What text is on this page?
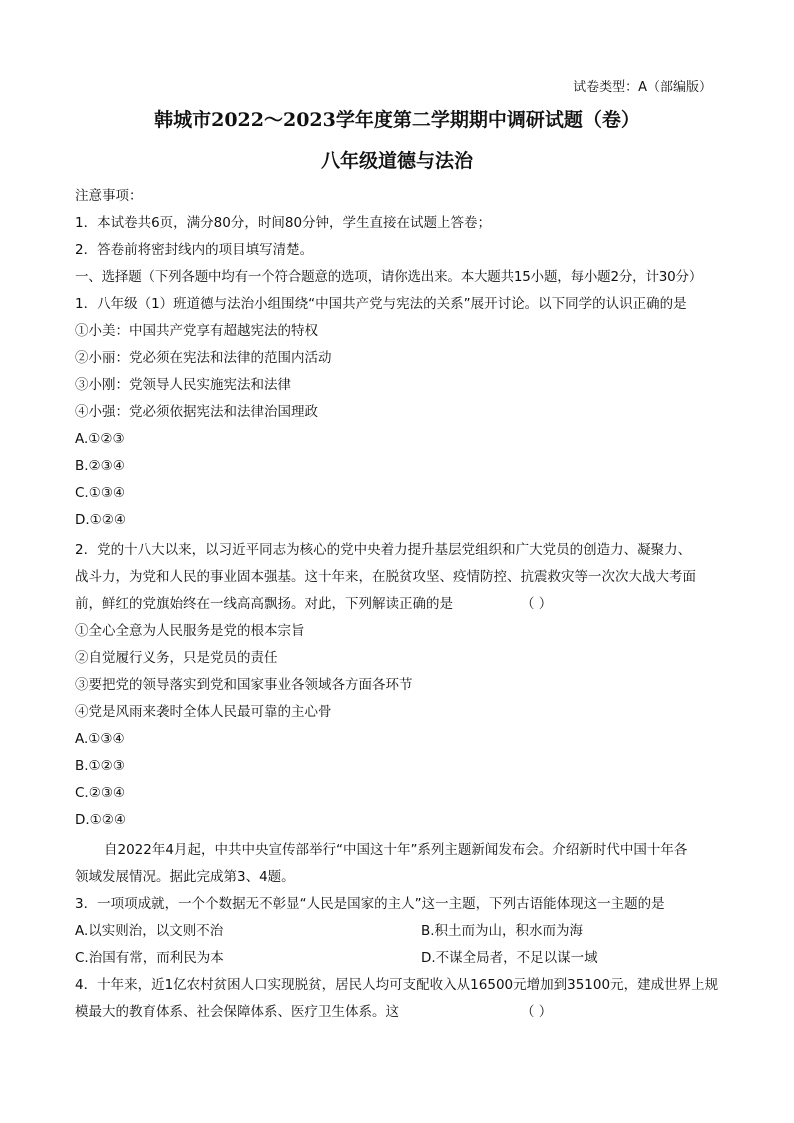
试卷类型：A（部编版）
韩城市2022～2023学年度第二学期期中调研试题（卷）
八年级道德与法治
注意事项：
1．本试卷共6页，满分80分，时间80分钟，学生直接在试题上答卷；
2．答卷前将密封线内的项目填写清楚。
一、选择题（下列各题中均有一个符合题意的选项，请你选出来。本大题共15小题，每小题2分，计30分）
1．八年级（1）班道德与法治小组围绕“中国共产党与宪法的关系”展开讨论。以下同学的认识正确的是
①小美：中国共产党享有超越宪法的特权
②小丽：党必须在宪法和法律的范围内活动
③小刚：党领导人民实施宪法和法律
④小强：党必须依据宪法和法律治国理政
A.①②③
B.②③④
C.①③④
D.①②④
2．党的十八大以来，以习近平同志为核心的党中央着力提升基层党组织和广大党员的创造力、凝聚力、
战斗力，为党和人民的事业固本强基。这十年来，在脱贫攻坚、疫情防控、抗震救灾等一次次大战大考面
前，鲜红的党旗始终在一线高高飘扬。对此，下列解读正确的是	（ ）
①全心全意为人民服务是党的根本宗旨
②自觉履行义务，只是党员的责任
③要把党的领导落实到党和国家事业各领域各方面各环节
④党是风雨来袭时全体人民最可靠的主心骨
A.①③④
B.①②③
C.②③④
D.①②④
自2022年4月起，中共中央宣传部举行“中国这十年”系列主题新闻发布会。介绍新时代中国十年各
领域发展情况。据此完成第3、4题。
3．一项项成就，一个个数据无不彰显“人民是国家的主人”这一主题，下列古语能体现这一主题的是
A.以实则治，以文则不治	B.积土而为山，积水而为海
C.治国有常，而利民为本	D.不谋全局者，不足以谋一域
4．十年来，近1亿农村贫困人口实现脱贫，居民人均可支配收入从16500元增加到35100元，建成世界上规
模最大的教育体系、社会保障体系、医疗卫生体系。这	（ ）
